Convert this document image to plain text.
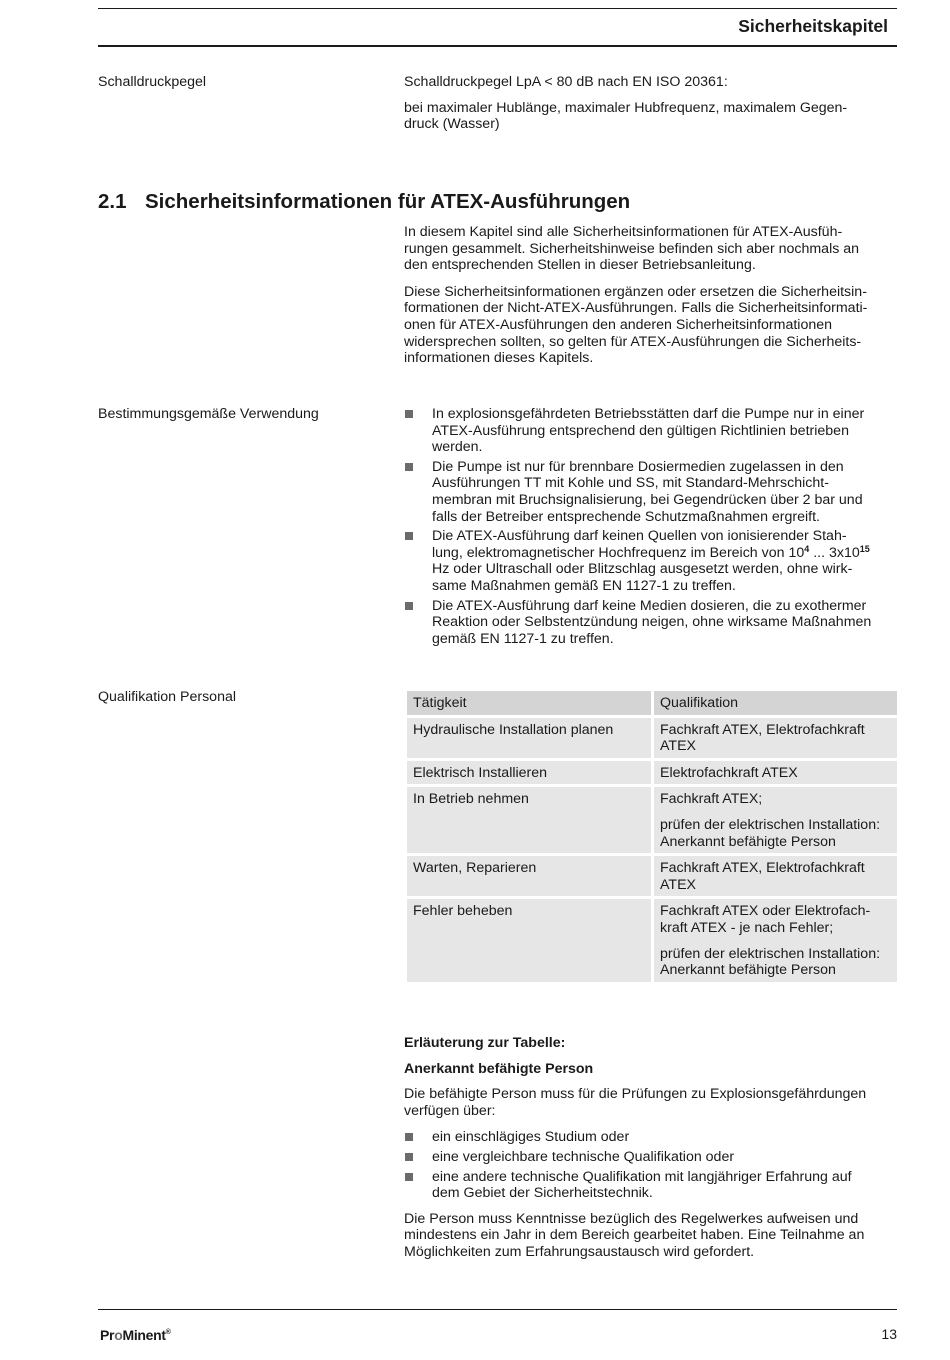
Sicherheitskapitel
Schalldruckpegel	Schalldruckpegel LpA < 80 dB nach EN ISO 20361:

bei maximaler Hublänge, maximaler Hubfrequenz, maximalem Gegen-
druck (Wasser)

2.1 Sicherheitsinformationen für ATEX-Ausführungen

In diesem Kapitel sind alle Sicherheitsinformationen für ATEX-Ausfüh-
rungen gesammelt. Sicherheitshinweise befinden sich aber nochmals an
den entsprechenden Stellen in dieser Betriebsanleitung.

Diese Sicherheitsinformationen ergänzen oder ersetzen die Sicherheitsin-
formationen der Nicht-ATEX-Ausführungen. Falls die Sicherheitsinformati-
onen für ATEX-Ausführungen den anderen Sicherheitsinformationen
widersprechen sollten, so gelten für ATEX-Ausführungen die Sicherheits-
informationen dieses Kapitels.

Bestimmungsgemäße Verwendung	In explosionsgefährdeten Betriebsstätten darf die Pumpe nur in einer
ATEX-Ausführung entsprechend den gültigen Richtlinien betrieben
werden.
Die Pumpe ist nur für brennbare Dosiermedien zugelassen in den
Ausführungen TT mit Kohle und SS, mit Standard-Mehrschicht-
membran mit Bruchsignalisierung, bei Gegendrücken über 2 bar und
falls der Betreiber entsprechende Schutzmaßnahmen ergreift.
Die ATEX-Ausführung darf keinen Quellen von ionisierender Stah-
lung, elektromagnetischer Hochfrequenz im Bereich von $10^4$ ... $3x10^{15}$
Hz oder Ultraschall oder Blitzschlag ausgesetzt werden, ohne wirk-
same Maßnahmen gemäß EN 1127-1 zu treffen.
Die ATEX-Ausführung darf keine Medien dosieren, die zu exothermer
Reaktion oder Selbstentzündung neigen, ohne wirksame Maßnahmen
gemäß EN 1127-1 zu treffen.
Qualifikation Personal	Tätigkeit	Qualifikation
Hydraulische Installation planen	Fachkraft ATEX, Elektrofachkraft
ATEX

Elektrisch Installieren	Elektrofachkraft ATEX

In Betrieb nehmen	Fachkraft ATEX;

prüfen der elektrischen Installation:
Anerkannt befähigte Person

Warten, Reparieren	Fachkraft ATEX, Elektrofachkraft
ATEX

Fehler beheben	Fachkraft ATEX oder Elektrofach-
kraft ATEX - je nach Fehler;

prüfen der elektrischen Installation:
Anerkannt befähigte Person

Erläuterung zur Tabelle:

Anerkannt befähigte Person

Die befähigte Person muss für die Prüfungen zu Explosionsgefährdungen
verfügen über:

ein einschlägiges Studium oder
eine vergleichbare technische Qualifikation oder
eine andere technische Qualifikation mit langjähriger Erfahrung auf
dem Gebiet der Sicherheitstechnik.

Die Person muss Kenntnisse bezüglich des Regelwerkes aufweisen und
mindestens ein Jahr in dem Bereich gearbeitet haben. Eine Teilnahme an
Möglichkeiten zum Erfahrungsaustausch wird gefordert.

ProMinent®	13
